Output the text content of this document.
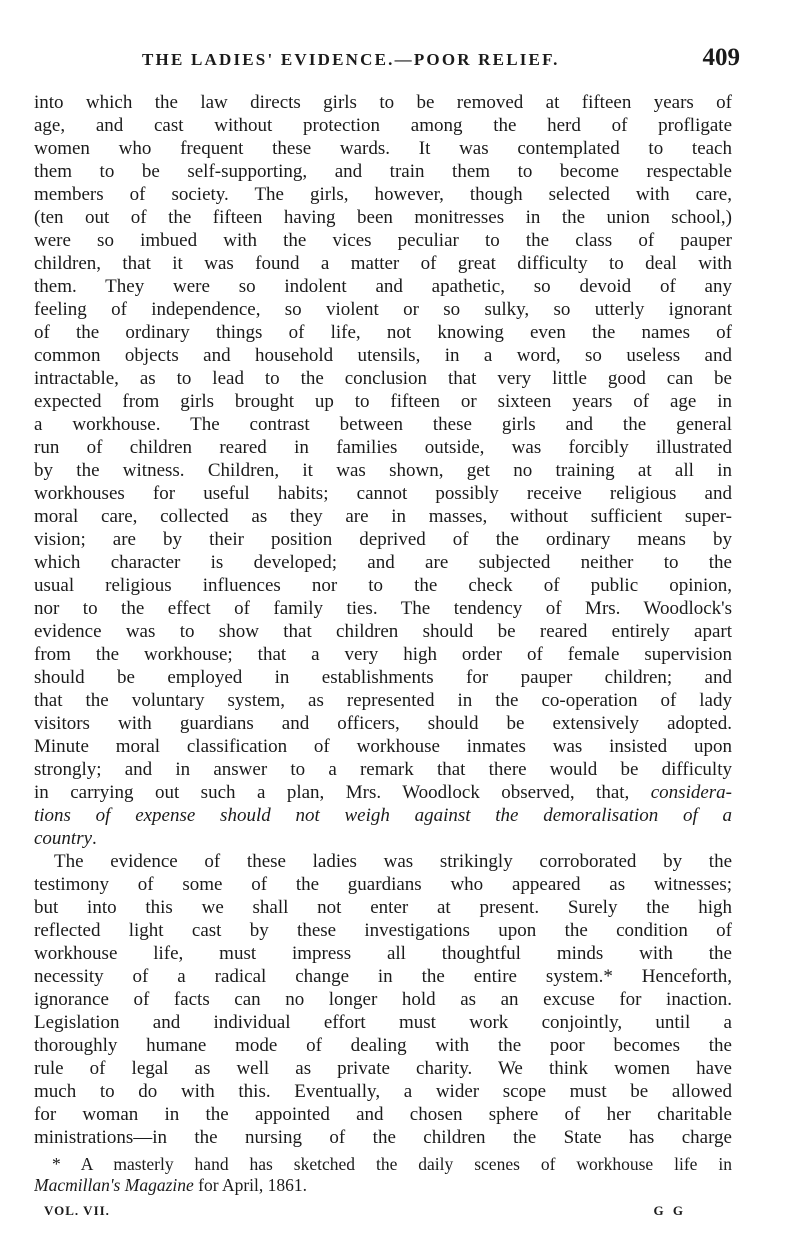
THE LADIES' EVIDENCE.—POOR RELIEF.	409
into which the law directs girls to be removed at fifteen years of
age, and cast without protection among the herd of profligate
women who frequent these wards. It was contemplated to teach
them to be self-supporting, and train them to become respectable
members of society. The girls, however, though selected with care,
(ten out of the fifteen having been monitresses in the union school,)
were so imbued with the vices peculiar to the class of pauper
children, that it was found a matter of great difficulty to deal with
them. They were so indolent and apathetic, so devoid of any
feeling of independence, so violent or so sulky, so utterly ignorant
of the ordinary things of life, not knowing even the names of
common objects and household utensils, in a word, so useless and
intractable, as to lead to the conclusion that very little good can be
expected from girls brought up to fifteen or sixteen years of age in
a workhouse. The contrast between these girls and the general
run of children reared in families outside, was forcibly illustrated
by the witness. Children, it was shown, get no training at all in
workhouses for useful habits; cannot possibly receive religious and
moral care, collected as they are in masses, without sufficient super-
vision; are by their position deprived of the ordinary means by
which character is developed; and are subjected neither to the
usual religious influences nor to the check of public opinion,
nor to the effect of family ties. The tendency of Mrs. Woodlock's
evidence was to show that children should be reared entirely apart
from the workhouse; that a very high order of female supervision
should be employed in establishments for pauper children; and
that the voluntary system, as represented in the co-operation of lady
visitors with guardians and officers, should be extensively adopted.
Minute moral classification of workhouse inmates was insisted upon
strongly; and in answer to a remark that there would be difficulty
in carrying out such a plan, Mrs. Woodlock observed, that, considera-
tions of expense should not weigh against the demoralisation of a
country.
The evidence of these ladies was strikingly corroborated by the
testimony of some of the guardians who appeared as witnesses;
but into this we shall not enter at present. Surely the high
reflected light cast by these investigations upon the condition of
workhouse life, must impress all thoughtful minds with the
necessity of a radical change in the entire system.* Henceforth,
ignorance of facts can no longer hold as an excuse for inaction.
Legislation and individual effort must work conjointly, until a
thoroughly humane mode of dealing with the poor becomes the
rule of legal as well as private charity. We think women have
much to do with this. Eventually, a wider scope must be allowed
for woman in the appointed and chosen sphere of her charitable
ministrations—in the nursing of the children the State has charge
* A masterly hand has sketched the daily scenes of workhouse life in
Macmillan's Magazine for April, 1861.
VOL. VII.	G G
